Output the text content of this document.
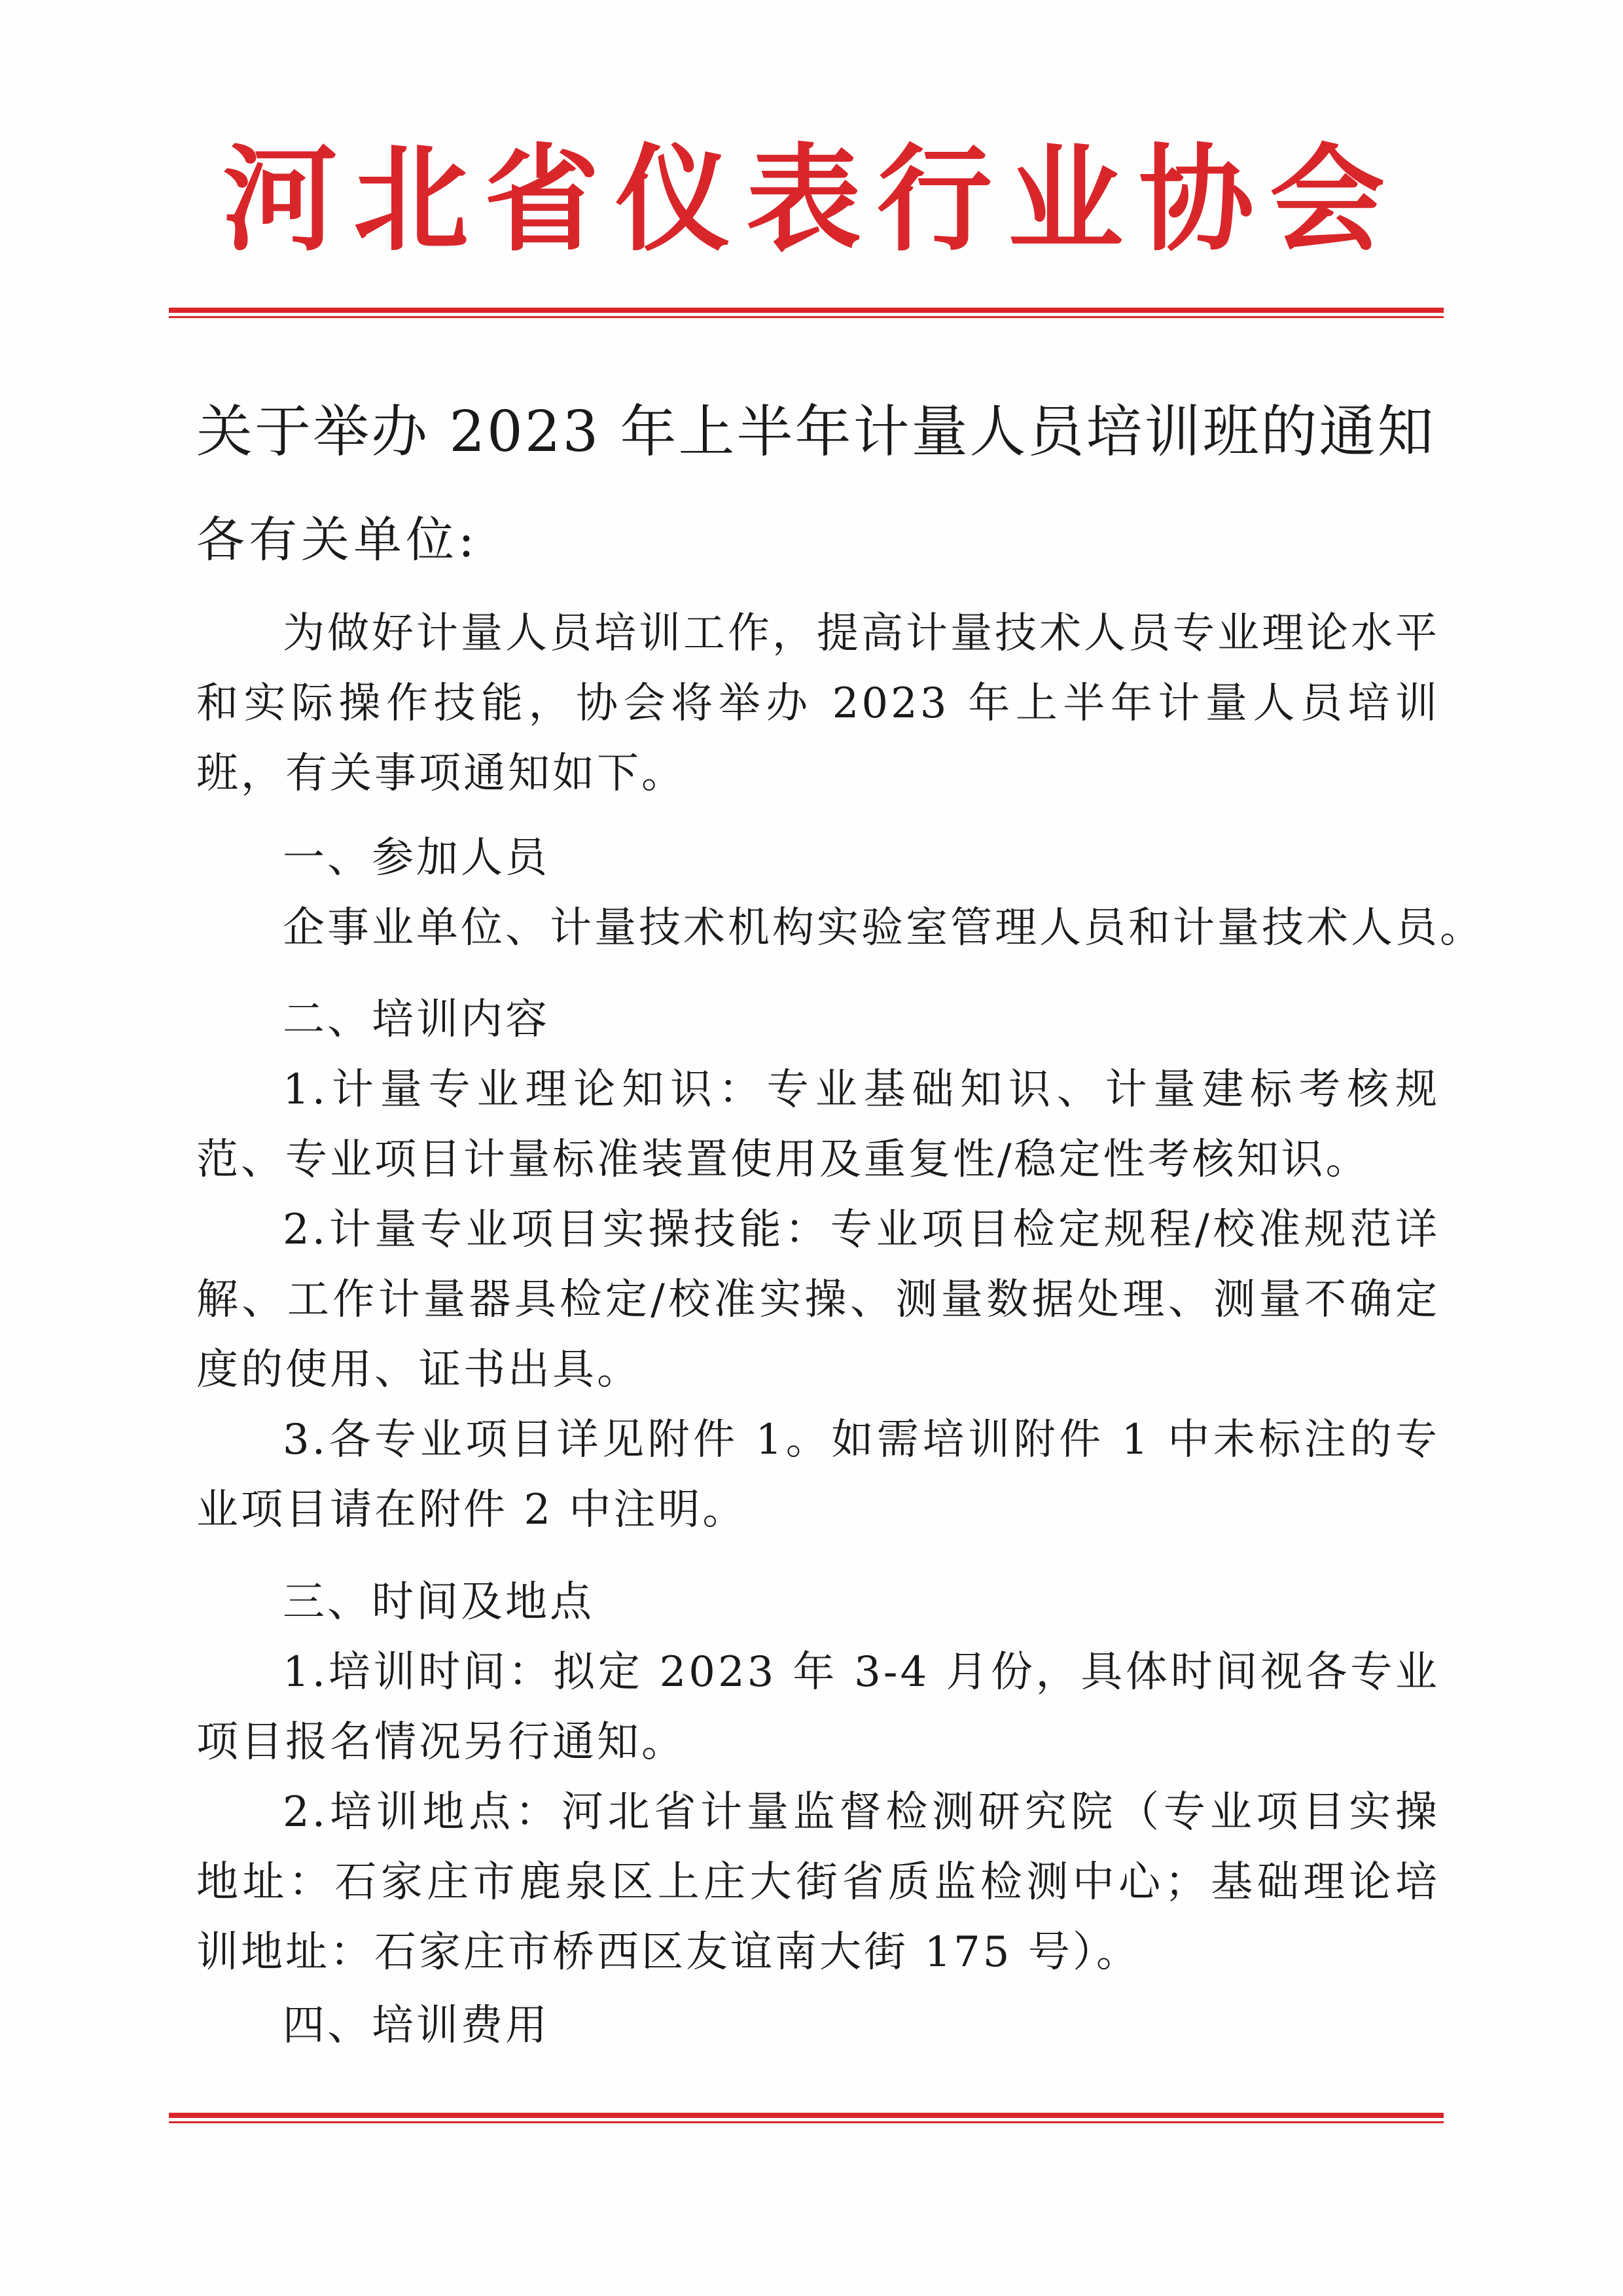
河北省仪表行业协会
关于举办 2023 年上半年计量人员培训班的通知
各有关单位:
为做好计量人员培训工作，提高计量技术人员专业理论水平和实际操作技能，协会将举办 2023 年上半年计量人员培训班，有关事项通知如下。
一、参加人员
企事业单位、计量技术机构实验室管理人员和计量技术人员。
二、培训内容
1.计量专业理论知识：专业基础知识、计量建标考核规范、专业项目计量标准装置使用及重复性/稳定性考核知识。
2.计量专业项目实操技能：专业项目检定规程/校准规范详解、工作计量器具检定/校准实操、测量数据处理、测量不确定度的使用、证书出具。
3.各专业项目详见附件 1。如需培训附件 1 中未标注的专业项目请在附件 2 中注明。
三、时间及地点
1.培训时间：拟定 2023 年 3-4 月份，具体时间视各专业项目报名情况另行通知。
2.培训地点：河北省计量监督检测研究院（专业项目实操地址：石家庄市鹿泉区上庄大街省质监检测中心；基础理论培训地址：石家庄市桥西区友谊南大街 175 号）。
四、培训费用
